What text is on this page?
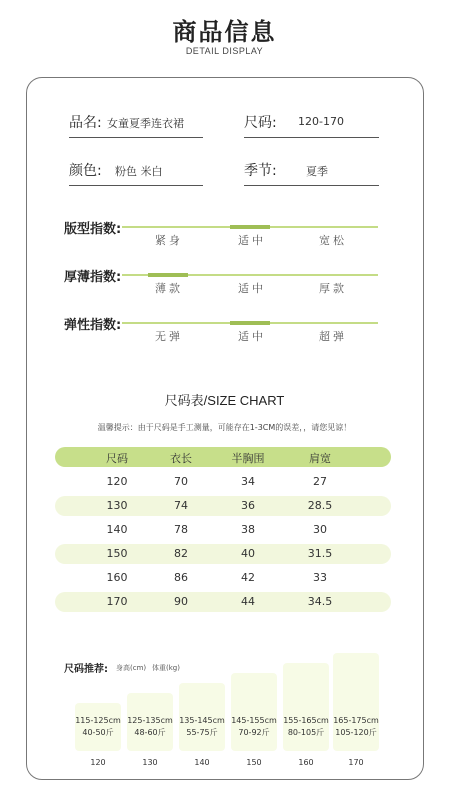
商品信息
DETAIL DISPLAY
品名: 女童夏季连衣裙	尺码: 120-170
颜色: 粉色 米白	季节:	夏季
版型指数:
紧身	适中	宽松
厚薄指数:
薄款	适中	厚款
弹性指数:
无弹	适中	超弹
尺码表/SIZE CHART
温馨提示：由于尺码是手工测量，可能存在1-3CM的误差，，请您见谅！
尺码	衣长	半胸围	肩宽
120	70	34	27
130	74	36	28.5
140	78	38	30
150	82	40	31.5
160	86	42	33
170	90	44	34.5
尺码推荐: 身高(cm) 体重(kg)
115-125cm
40-50斤
125-135cm
48-60斤
135-145cm
55-75斤
145-155cm
70-92斤
155-165cm
80-105斤
165-175cm
105-120斤
120	130	140	150	160	170
